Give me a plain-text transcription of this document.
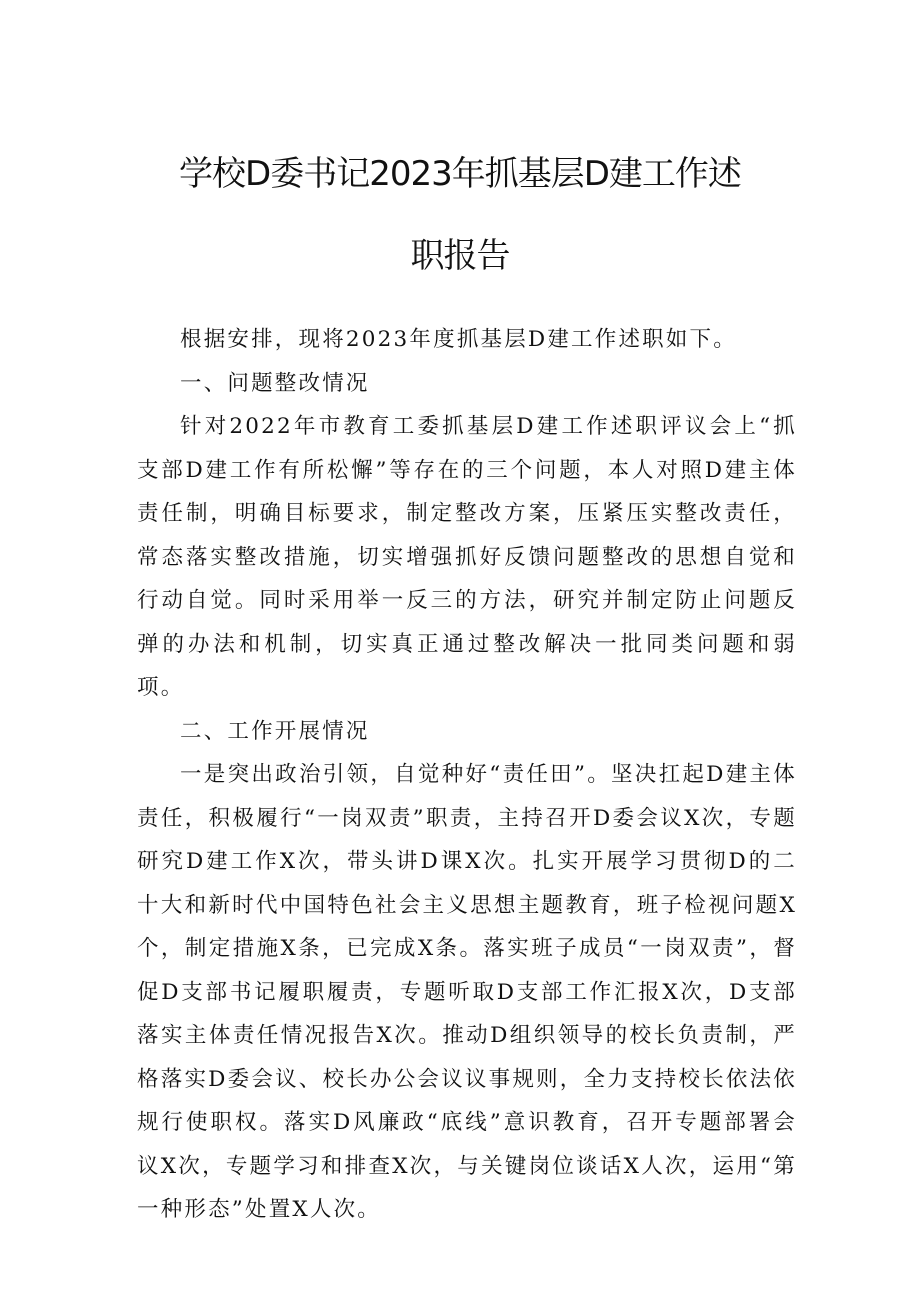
学校D委书记2023年抓基层D建工作述
职报告

根据安排，现将2023年度抓基层D建工作述职如下。

一、问题整改情况

针对2022年市教育工委抓基层D建工作述职评议会上“抓支部D建工作有所松懈”等存在的三个问题，本人对照D建主体责任制，明确目标要求，制定整改方案，压紧压实整改责任，常态落实整改措施，切实增强抓好反馈问题整改的思想自觉和行动自觉。同时采用举一反三的方法，研究并制定防止问题反弹的办法和机制，切实真正通过整改解决一批同类问题和弱项。

二、工作开展情况

一是突出政治引领，自觉种好“责任田”。坚决扛起D建主体责任，积极履行“一岗双责”职责，主持召开D委会议X次，专题研究D建工作X次，带头讲D课X次。扎实开展学习贯彻D的二十大和新时代中国特色社会主义思想主题教育，班子检视问题X个，制定措施X条，已完成X条。落实班子成员“一岗双责”，督促D支部书记履职履责，专题听取D支部工作汇报X次，D支部落实主体责任情况报告X次。推动D组织领导的校长负责制，严格落实D委会议、校长办公会议议事规则，全力支持校长依法依规行使职权。落实D风廉政“底线”意识教育，召开专题部署会议X次，专题学习和排查X次，与关键岗位谈话X人次，运用“第一种形态”处置X人次。
